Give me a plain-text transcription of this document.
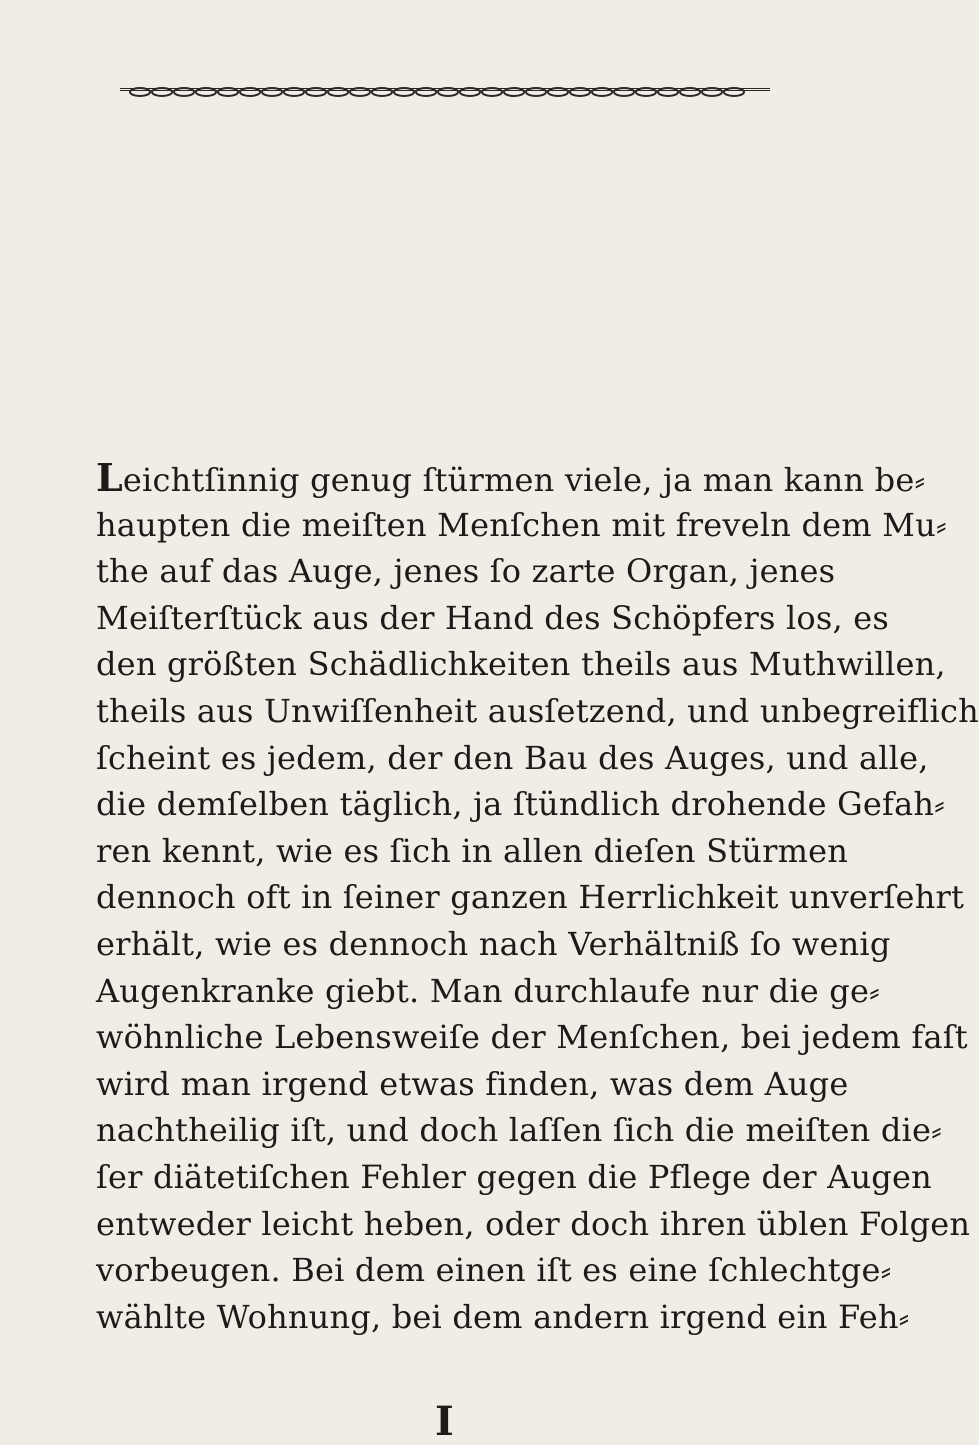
Leichtſinnig genug ſtürmen viele, ja man kann be⸗
haupten die meiſten Menſchen mit freveln dem Mu⸗
the auf das Auge, jenes ſo zarte Organ, jenes
Meiſterſtück aus der Hand des Schöpfers los, es
den größten Schädlichkeiten theils aus Muthwillen,
theils aus Unwiſſenheit ausſetzend, und unbegreiflich
ſcheint es jedem, der den Bau des Auges, und alle,
die demſelben täglich, ja ſtündlich drohende Gefah⸗
ren kennt, wie es ſich in allen dieſen Stürmen
dennoch oft in ſeiner ganzen Herrlichkeit unverſehrt
erhält, wie es dennoch nach Verhältniß ſo wenig
Augenkranke giebt. Man durchlaufe nur die ge⸗
wöhnliche Lebensweiſe der Menſchen, bei jedem faſt
wird man irgend etwas finden, was dem Auge
nachtheilig iſt, und doch laſſen ſich die meiſten die⸗
ſer diätetiſchen Fehler gegen die Pflege der Augen
entweder leicht heben, oder doch ihren üblen Folgen
vorbeugen. Bei dem einen iſt es eine ſchlechtge⸗
wählte Wohnung, bei dem andern irgend ein Feh⸗
I
